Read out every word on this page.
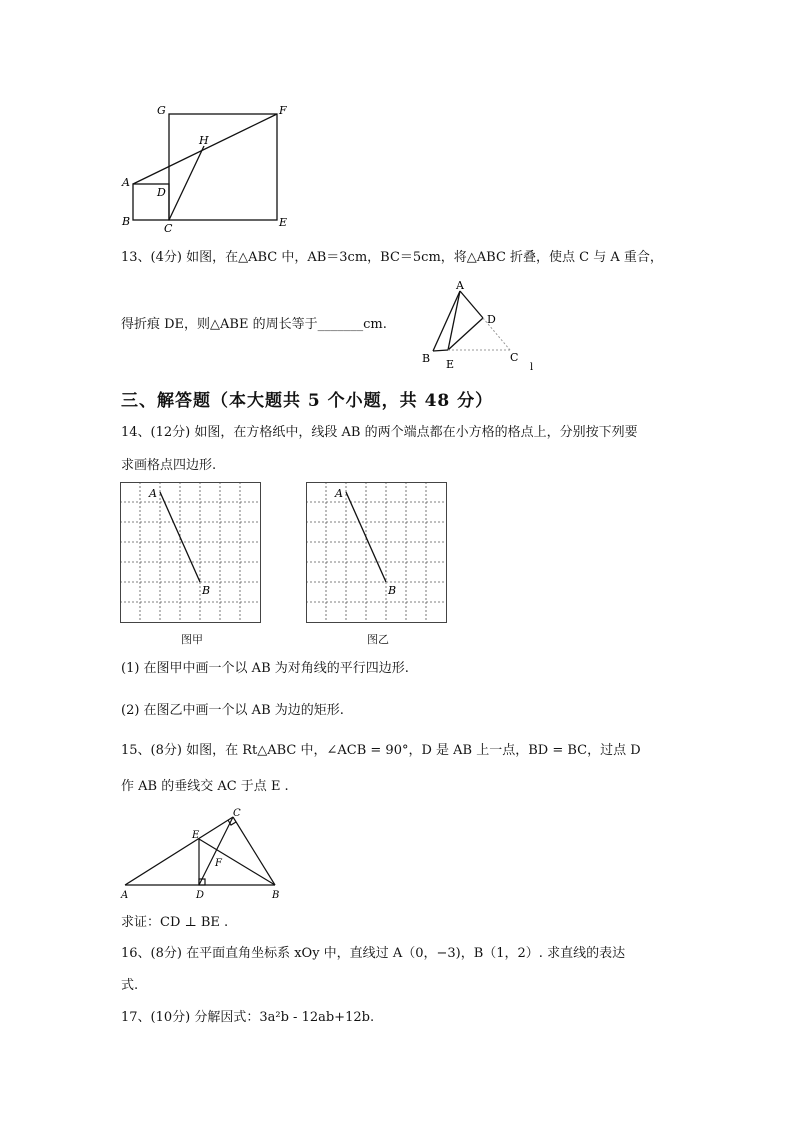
G	F
H
A
D
B
C	E
13、(4分) 如图，在△ABC 中，AB＝3cm，BC＝5cm，将△ABC 折叠，使点 C 与 A 重合，
得折痕 DE，则△ABE 的周长等于_______cm.
A
D
B E
C
l
三、解答题（本大题共 5 个小题，共 48 分）
14、(12分) 如图，在方格纸中，线段 AB 的两个端点都在小方格的格点上，分别按下列要
求画格点四边形.
A
B
图甲
A
B
图乙
(1) 在图甲中画一个以 AB 为对角线的平行四边形.
(2) 在图乙中画一个以 AB 为边的矩形.
15、(8分) 如图，在 Rt△ABC 中，∠ACB = 90°，D 是 AB 上一点，BD = BC，过点 D
作 AB 的垂线交 AC 于点 E .
C
E
F
A	D	B
求证：CD ⊥ BE .
16、(8分) 在平面直角坐标系 xOy 中，直线过 A（0，−3)，B（1，2）. 求直线的表达
式.
17、(10分) 分解因式：3a²b - 12ab+12b.
